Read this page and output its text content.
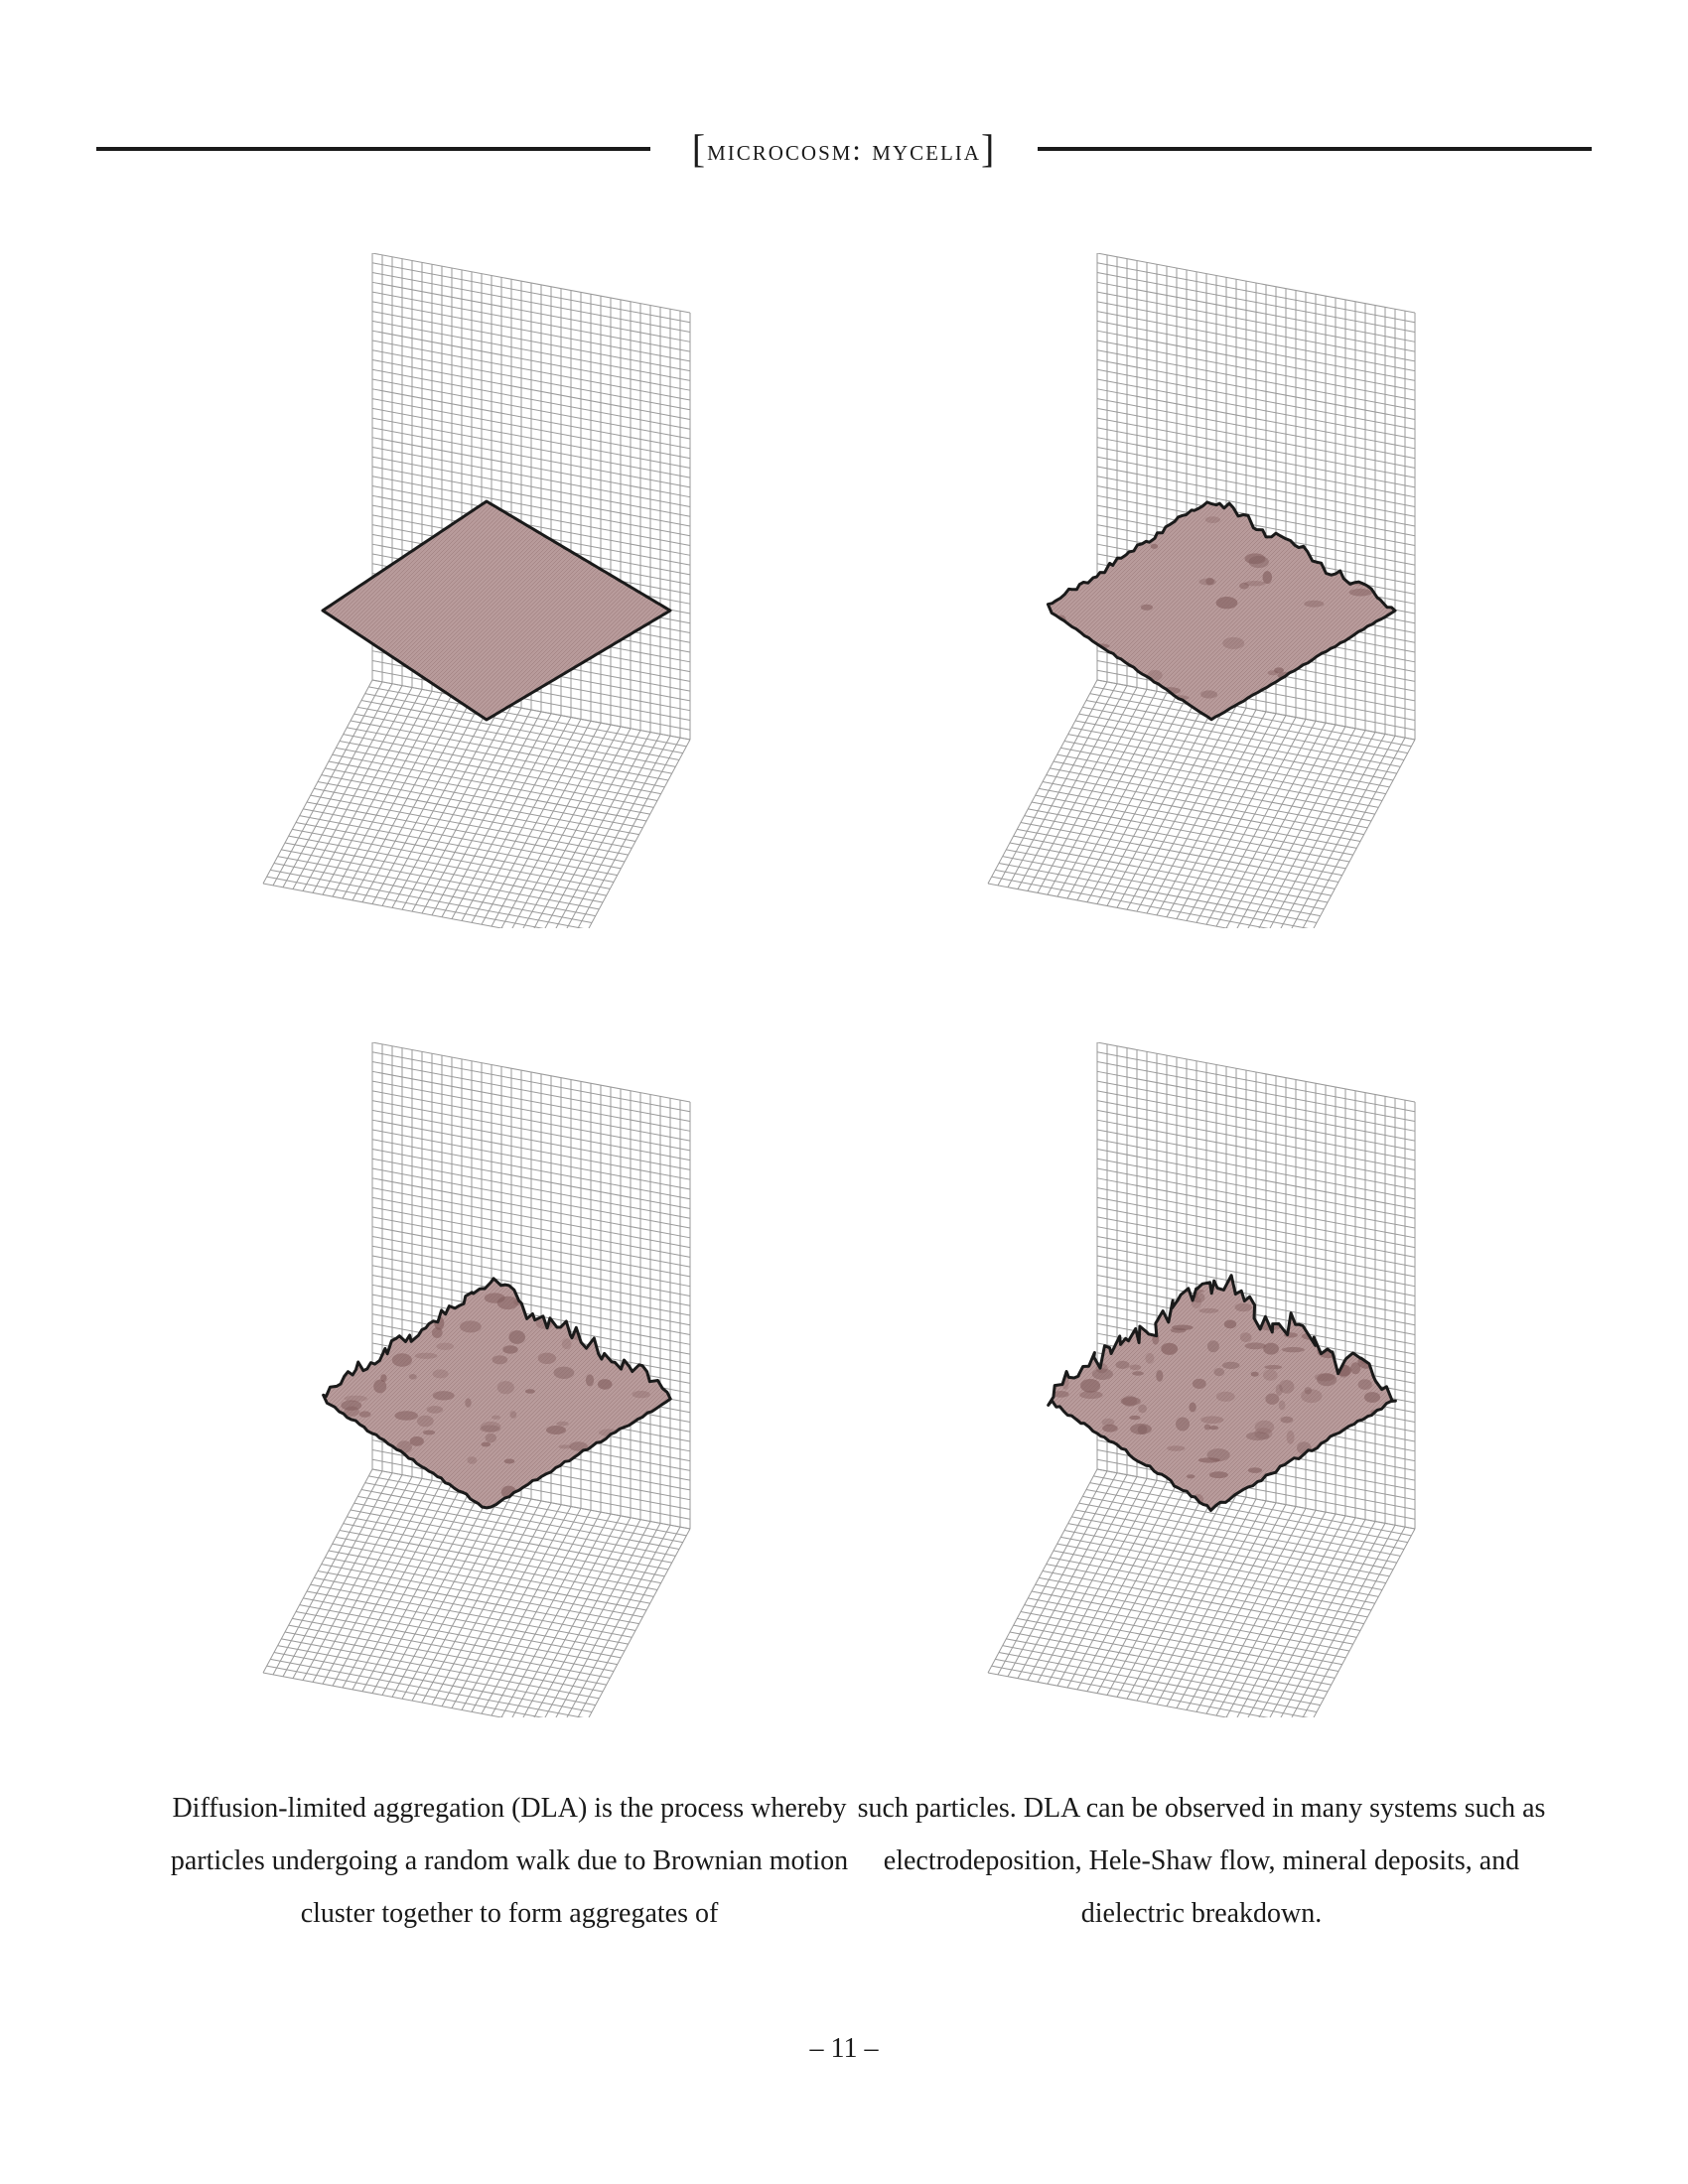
[microcosm: mycelia]
Diffusion-limited aggregation (DLA) is the process whereby particles undergoing a random walk due to Brownian motion cluster together to form aggregates of
such particles. DLA can be observed in many systems such as electrodeposition, Hele-Shaw flow, mineral deposits, and dielectric breakdown.
– 11 –
